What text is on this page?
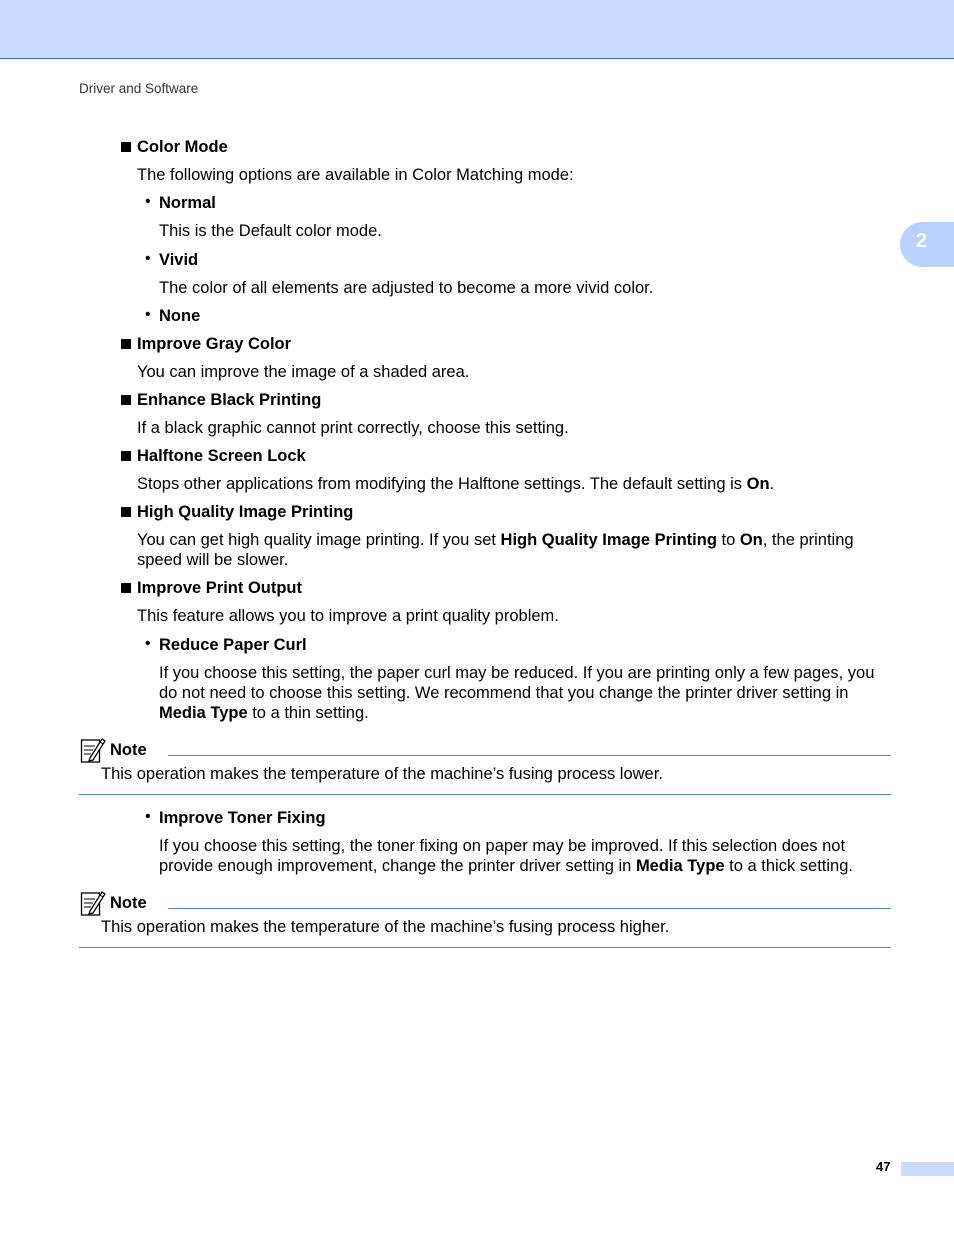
Driver and Software
2
Color Mode
The following options are available in Color Matching mode:
• Normal
This is the Default color mode.
• Vivid
The color of all elements are adjusted to become a more vivid color.
• None
Improve Gray Color
You can improve the image of a shaded area.
Enhance Black Printing
If a black graphic cannot print correctly, choose this setting.
Halftone Screen Lock
Stops other applications from modifying the Halftone settings. The default setting is On.
High Quality Image Printing
You can get high quality image printing. If you set High Quality Image Printing to On, the printing speed will be slower.
Improve Print Output
This feature allows you to improve a print quality problem.
• Reduce Paper Curl
If you choose this setting, the paper curl may be reduced. If you are printing only a few pages, you do not need to choose this setting. We recommend that you change the printer driver setting in Media Type to a thin setting.
Note
This operation makes the temperature of the machine’s fusing process lower.
• Improve Toner Fixing
If you choose this setting, the toner fixing on paper may be improved. If this selection does not provide enough improvement, change the printer driver setting in Media Type to a thick setting.
Note
This operation makes the temperature of the machine’s fusing process higher.
47
